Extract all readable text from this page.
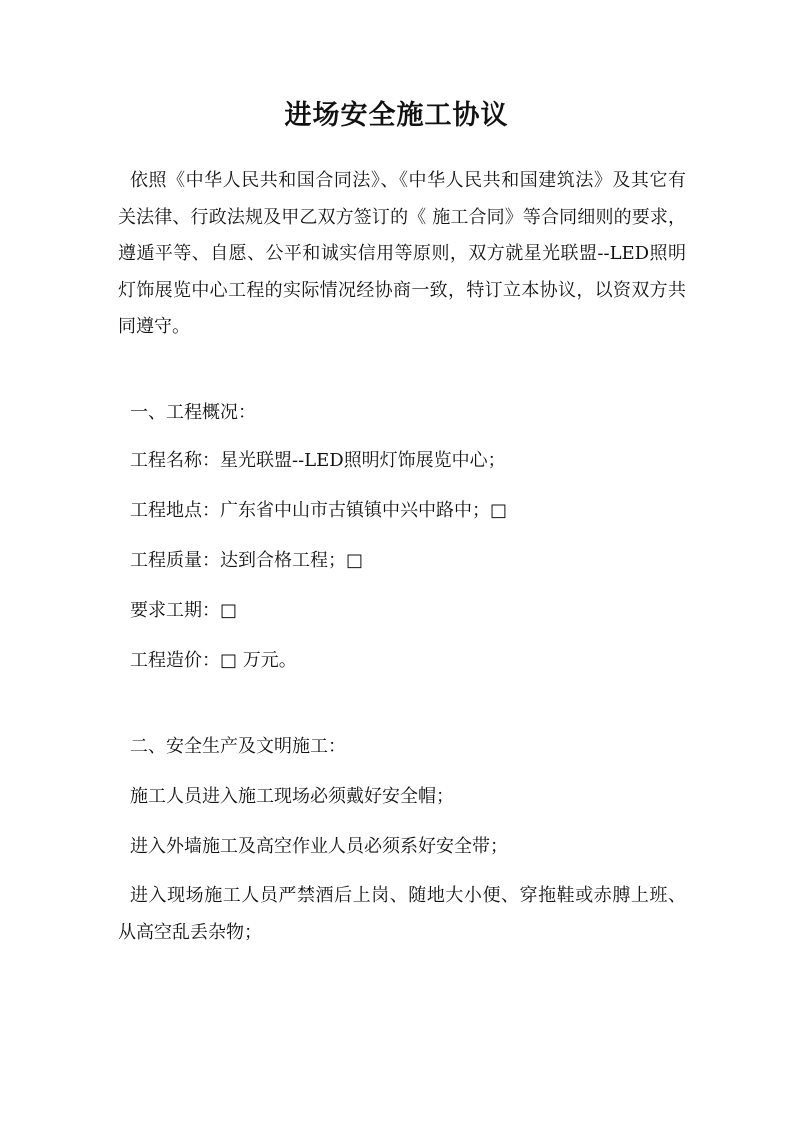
进场安全施工协议
依照《中华人民共和国合同法》、《中华人民共和国建筑法》及其它有关法律、行政法规及甲乙双方签订的《 施工合同》等合同细则的要求，遵遁平等、自愿、公平和诚实信用等原则，双方就星光联盟--LED照明灯饰展览中心工程的实际情况经协商一致，特订立本协议，以资双方共同遵守。
一、工程概况：
工程名称：星光联盟--LED照明灯饰展览中心；
工程地点：广东省中山市古镇镇中兴中路中；□
工程质量：达到合格工程；□
要求工期：□
工程造价：□ 万元。
二、安全生产及文明施工：
施工人员进入施工现场必须戴好安全帽；
进入外墙施工及高空作业人员必须系好安全带；
进入现场施工人员严禁酒后上岗、随地大小便、穿拖鞋或赤膊上班、从高空乱丢杂物；
